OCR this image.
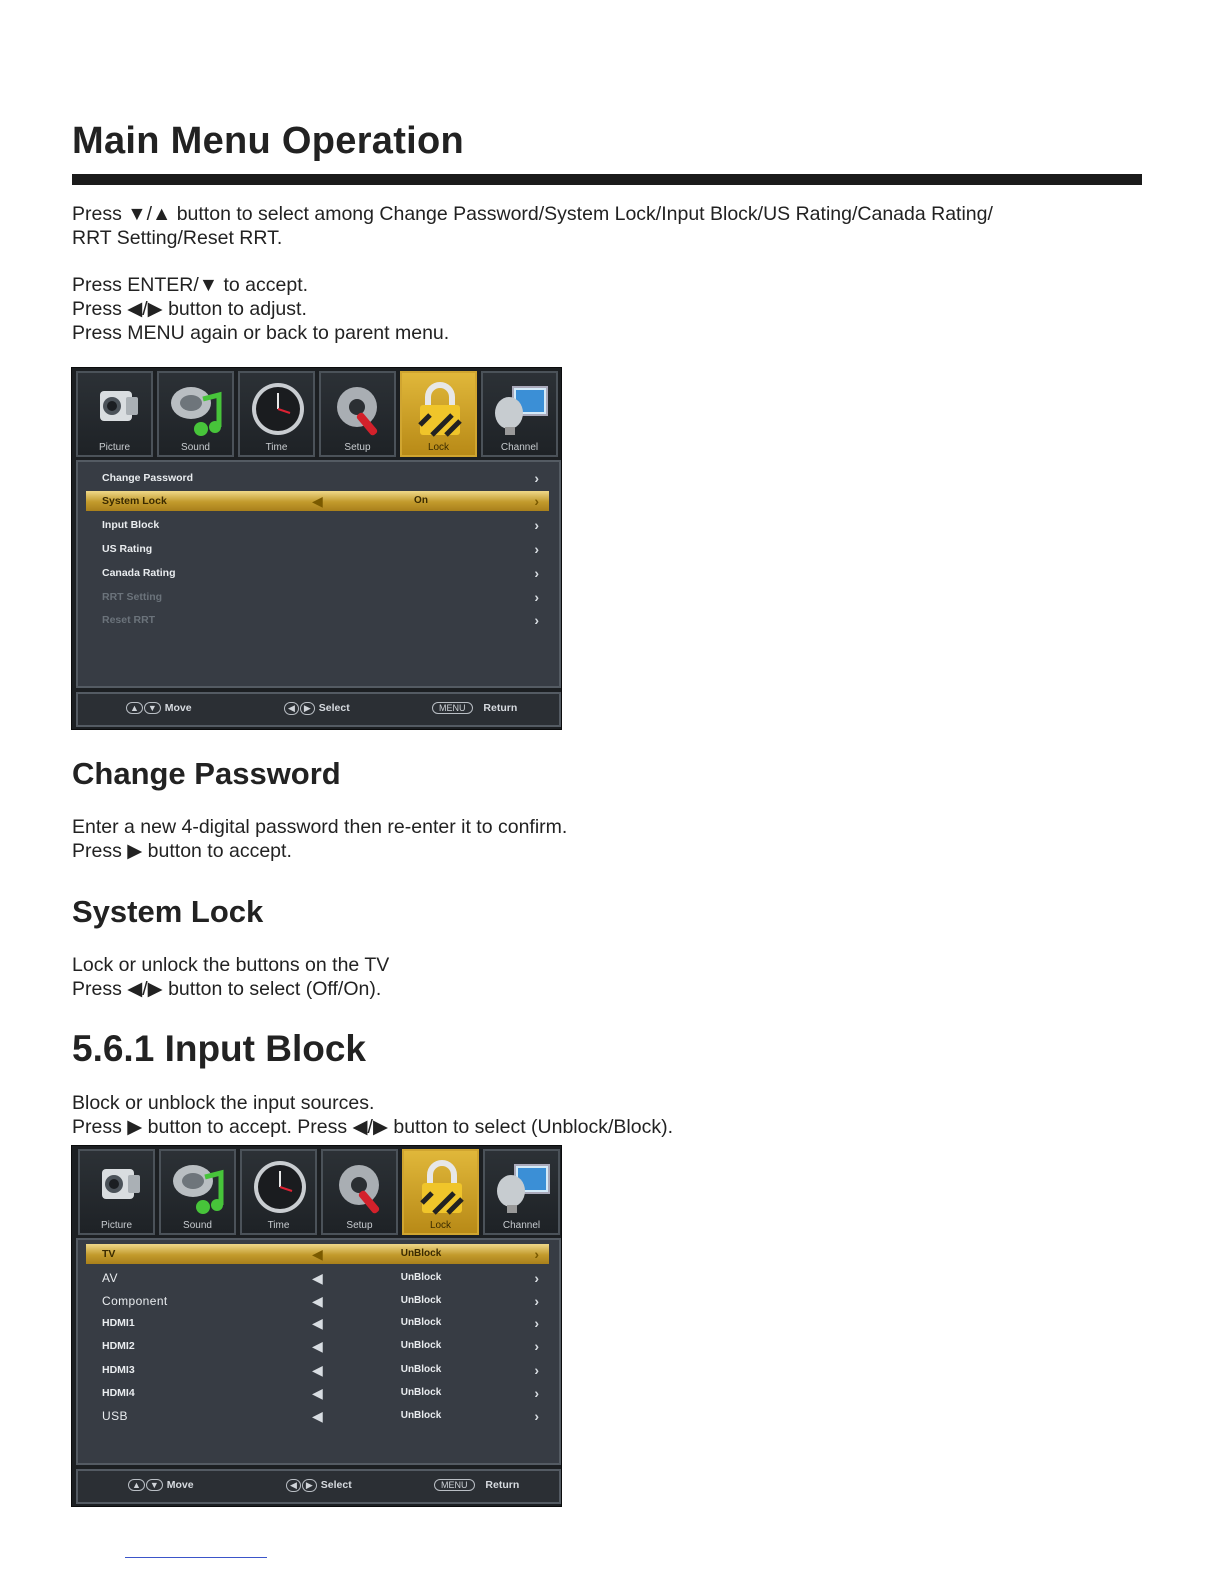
Main Menu Operation
Press ▼/▲ button to select among Change Password/System Lock/Input Block/US Rating/Canada Rating/
RRT Setting/Reset RRT.
Press ENTER/▼ to accept.
Press ◀/▶ button to adjust.
Press MENU again or back to parent menu.
Picture	Sound	Time	Setup	Lock	Channel
Change Password	›
System Lock	◀	On	›
Input Block	›
US Rating	›
Canada Rating	›
RRT Setting	›
Reset RRT	›
▲ ▼ Move	◀ ▶ Select	MENU Return
Change Password
Enter a new 4-digital password then re-enter it to confirm.
Press ▶ button to accept.
System Lock
Lock or unlock the buttons on the TV
Press ◀/▶ button to select (Off/On).
5.6.1 Input Block
Block or unblock the input sources.
Press ▶ button to accept. Press ◀/▶ button to select (Unblock/Block).
Picture	Sound	Time	Setup	Lock	Channel
TV	◀	UnBlock	›
AV	◀	UnBlock	›
Component	◀	UnBlock	›
HDMI1	◀	UnBlock	›
HDMI2	◀	UnBlock	›
HDMI3	◀	UnBlock	›
HDMI4	◀	UnBlock	›
USB	◀	UnBlock	›
▲ ▼ Move	◀ ▶ Select	MENU Return
